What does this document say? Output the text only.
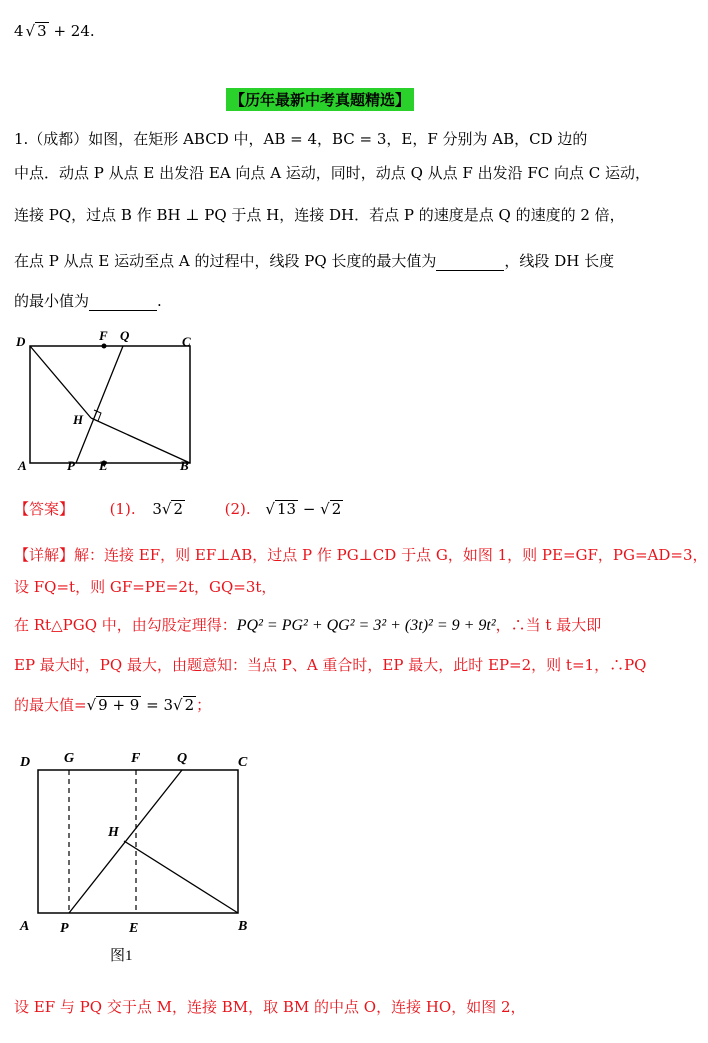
4 √ 3 + 24.
【历年最新中考真题精选】
1.（成都）如图，在矩形 ABCD 中，AB = 4，BC = 3，E，F 分别为 AB，CD 边的
中点．动点 P 从点 E 出发沿 EA 向点 A 运动，同时，动点 Q 从点 F 出发沿 FC 向点 C 运动，
连接 PQ，过点 B 作 BH ⊥ PQ 于点 H，连接 DH．若点 P 的速度是点 Q 的速度的 2 倍，
在点 P 从点 E 运动至点 A 的过程中，线段 PQ 长度的最大值为	，线段 DH 长度
的最小值为	.
D	F Q	C
H
A	P E	B
【答案】 (1). 3√ 2	(2). √ 13 − √ 2
【详解】解：连接 EF，则 EF⊥AB，过点 P 作 PG⊥CD 于点 G，如图 1，则 PE=GF，PG=AD=3，
设 FQ=t，则 GF=PE=2t，GQ=3t，
在 Rt△PGQ 中，由勾股定理得：PQ² = PG² + QG² = 3² + (3t)² = 9 + 9t²，∴当 t 最大即
EP 最大时，PQ 最大，由题意知：当点 P、A 重合时，EP 最大，此时 EP=2，则 t=1，∴PQ
的最大值=√ 9 + 9 = 3√ 2 ；
D G	F	Q	C
H
A P	E	B
图1
设 EF 与 PQ 交于点 M，连接 BM，取 BM 的中点 O，连接 HO，如图 2，
